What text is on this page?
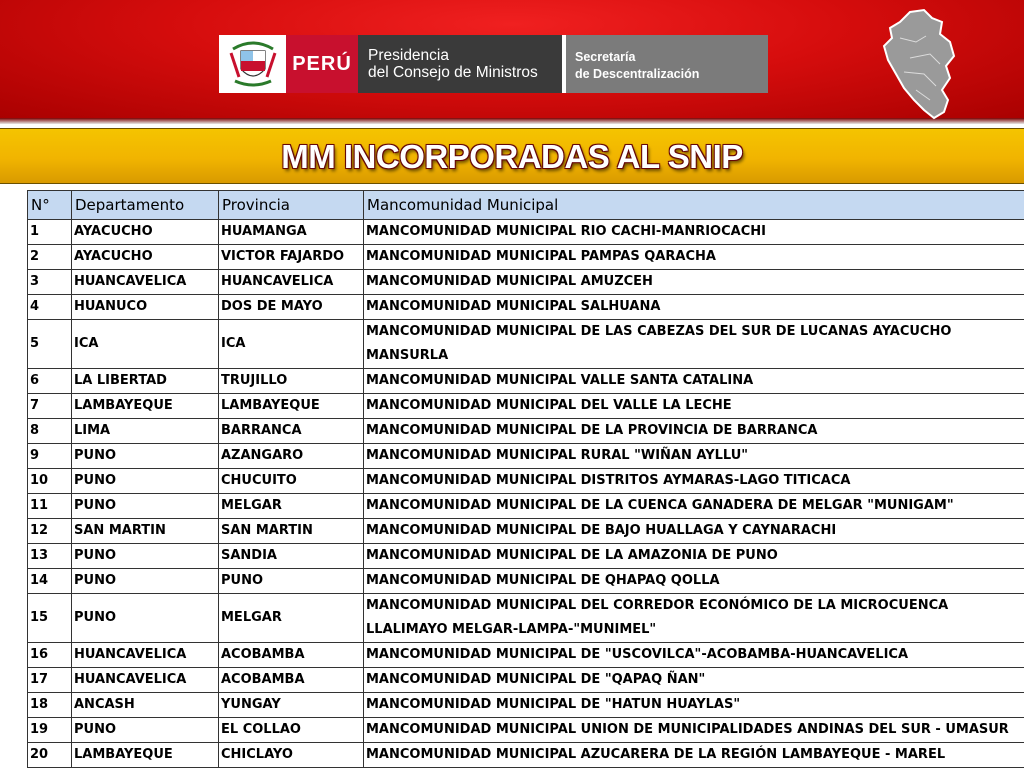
PERÚ	Presidencia
del Consejo de Ministros
Secretaría
de Descentralización
MM INCORPORADAS AL SNIP
N°	Departamento	Provincia	Mancomunidad Municipal
1	AYACUCHO	HUAMANGA	MANCOMUNIDAD MUNICIPAL RIO CACHI-MANRIOCACHI
2	AYACUCHO	VICTOR FAJARDO	MANCOMUNIDAD MUNICIPAL PAMPAS QARACHA
3	HUANCAVELICA	HUANCAVELICA	MANCOMUNIDAD MUNICIPAL AMUZCEH
4	HUANUCO	DOS DE MAYO	MANCOMUNIDAD MUNICIPAL SALHUANA
5	ICA	ICA	MANCOMUNIDAD MUNICIPAL DE LAS CABEZAS DEL SUR DE LUCANAS AYACUCHO MANSURLA
6	LA LIBERTAD	TRUJILLO	MANCOMUNIDAD MUNICIPAL VALLE SANTA CATALINA
7	LAMBAYEQUE	LAMBAYEQUE	MANCOMUNIDAD MUNICIPAL DEL VALLE LA LECHE
8	LIMA	BARRANCA	MANCOMUNIDAD MUNICIPAL DE LA PROVINCIA DE BARRANCA
9	PUNO	AZANGARO	MANCOMUNIDAD MUNICIPAL RURAL "WIÑAN AYLLU"
10	PUNO	CHUCUITO	MANCOMUNIDAD MUNICIPAL DISTRITOS AYMARAS-LAGO TITICACA
11	PUNO	MELGAR	MANCOMUNIDAD MUNICIPAL DE LA CUENCA GANADERA DE MELGAR "MUNIGAM"
12	SAN MARTIN	SAN MARTIN	MANCOMUNIDAD MUNICIPAL DE BAJO HUALLAGA Y CAYNARACHI
13	PUNO	SANDIA	MANCOMUNIDAD MUNICIPAL DE LA AMAZONIA DE PUNO
14	PUNO	PUNO	MANCOMUNIDAD MUNICIPAL DE QHAPAQ QOLLA
15	PUNO	MELGAR	MANCOMUNIDAD MUNICIPAL DEL CORREDOR ECONÓMICO DE LA MICROCUENCA LLALIMAYO MELGAR-LAMPA-"MUNIMEL"
16	HUANCAVELICA	ACOBAMBA	MANCOMUNIDAD MUNICIPAL DE "USCOVILCA"-ACOBAMBA-HUANCAVELICA
17	HUANCAVELICA	ACOBAMBA	MANCOMUNIDAD MUNICIPAL DE "QAPAQ ÑAN"
18	ANCASH	YUNGAY	MANCOMUNIDAD MUNICIPAL DE "HATUN HUAYLAS"
19	PUNO	EL COLLAO	MANCOMUNIDAD MUNICIPAL UNION DE MUNICIPALIDADES ANDINAS DEL SUR - UMASUR
20	LAMBAYEQUE	CHICLAYO	MANCOMUNIDAD MUNICIPAL AZUCARERA DE LA REGIÓN LAMBAYEQUE - MAREL
